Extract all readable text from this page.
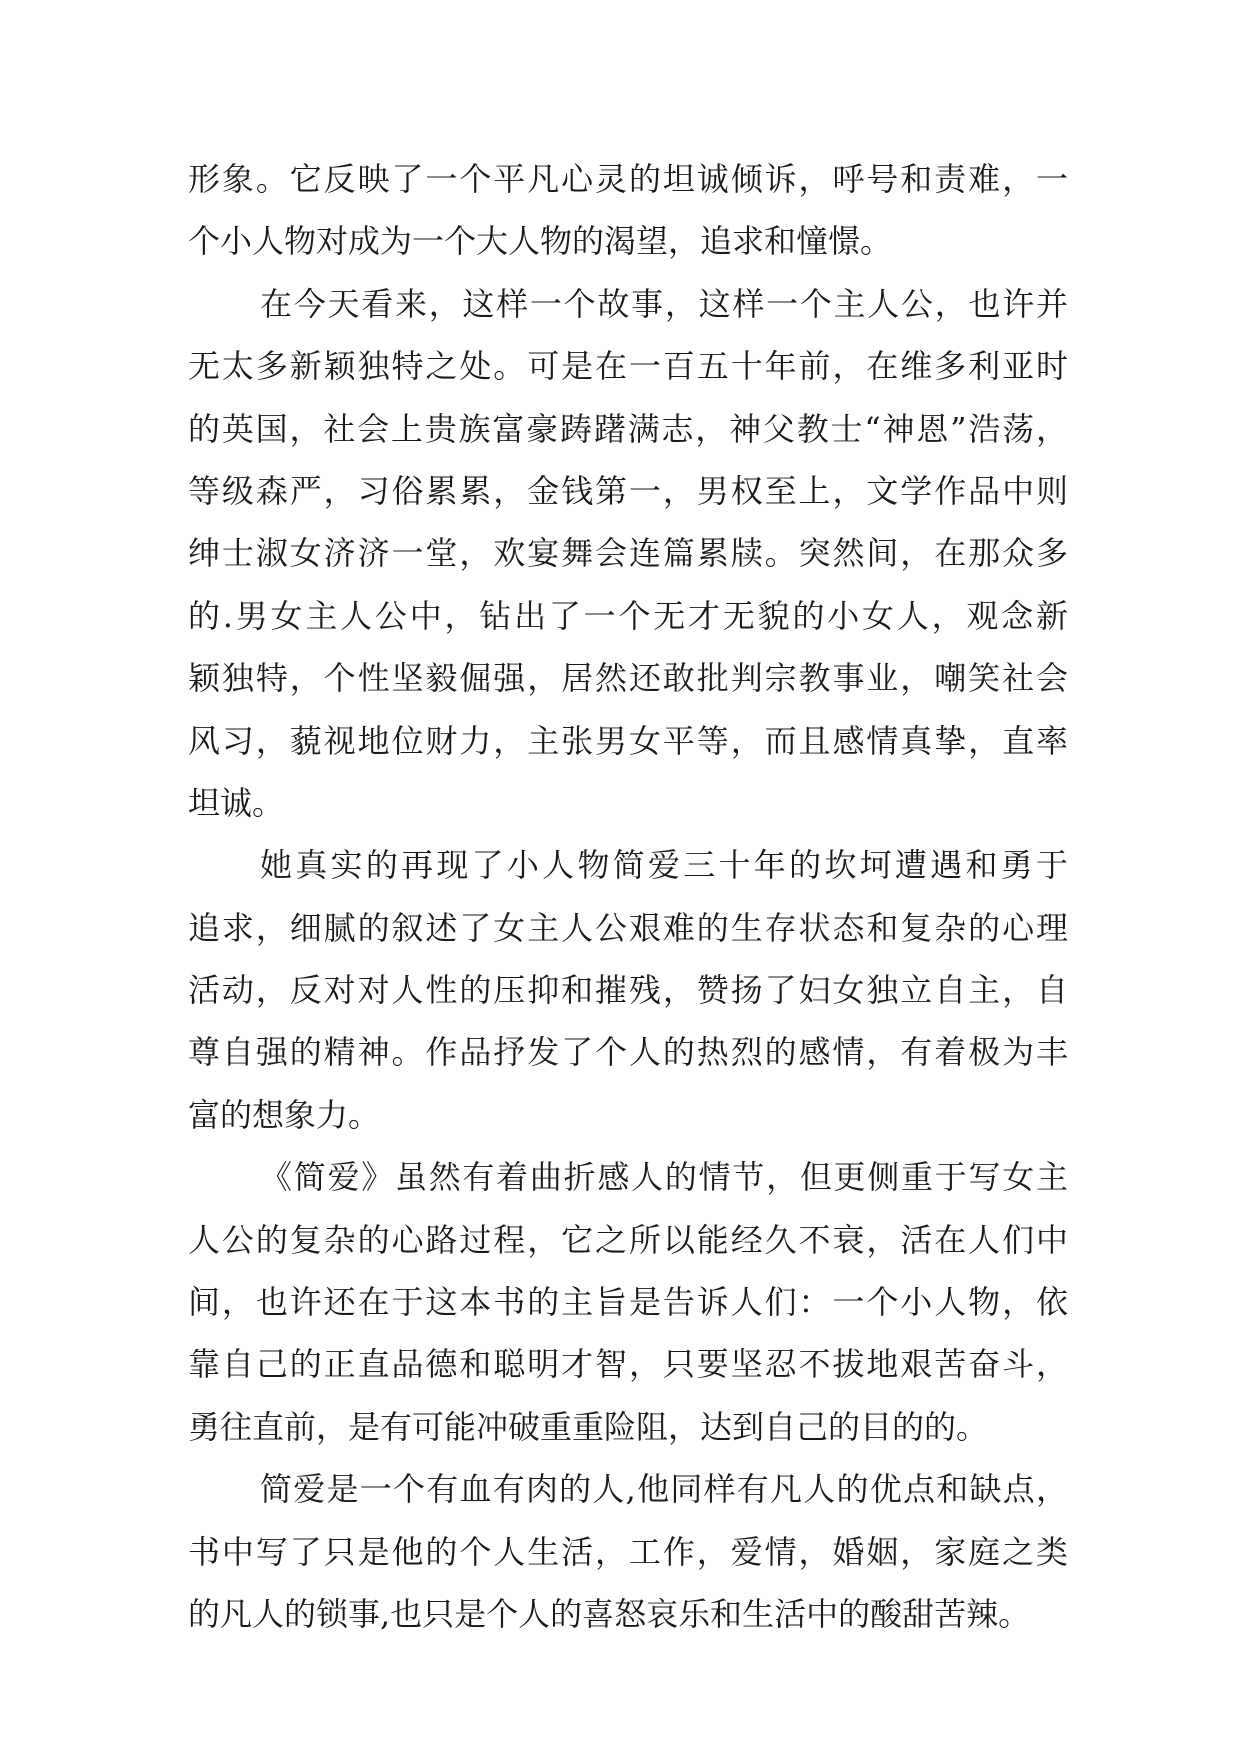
形象。它反映了一个平凡心灵的坦诚倾诉，呼号和责难，一
个小人物对成为一个大人物的渴望，追求和憧憬。
在今天看来，这样一个故事，这样一个主人公，也许并
无太多新颖独特之处。可是在一百五十年前，在维多利亚时
的英国，社会上贵族富豪踌躇满志，神父教士“神恩”浩荡，
等级森严，习俗累累，金钱第一，男权至上，文学作品中则
绅士淑女济济一堂，欢宴舞会连篇累牍。突然间，在那众多
的.男女主人公中，钻出了一个无才无貌的小女人，观念新
颖独特，个性坚毅倔强，居然还敢批判宗教事业，嘲笑社会
风习，藐视地位财力，主张男女平等，而且感情真挚，直率
坦诚。
她真实的再现了小人物简爱三十年的坎坷遭遇和勇于
追求，细腻的叙述了女主人公艰难的生存状态和复杂的心理
活动，反对对人性的压抑和摧残，赞扬了妇女独立自主，自
尊自强的精神。作品抒发了个人的热烈的感情，有着极为丰
富的想象力。
《简爱》虽然有着曲折感人的情节，但更侧重于写女主
人公的复杂的心路过程，它之所以能经久不衰，活在人们中
间，也许还在于这本书的主旨是告诉人们：一个小人物，依
靠自己的正直品德和聪明才智，只要坚忍不拔地艰苦奋斗，
勇往直前，是有可能冲破重重险阻，达到自己的目的的。
简爱是一个有血有肉的人,他同样有凡人的优点和缺点，
书中写了只是他的个人生活，工作，爱情，婚姻，家庭之类
的凡人的锁事,也只是个人的喜怒哀乐和生活中的酸甜苦辣。
